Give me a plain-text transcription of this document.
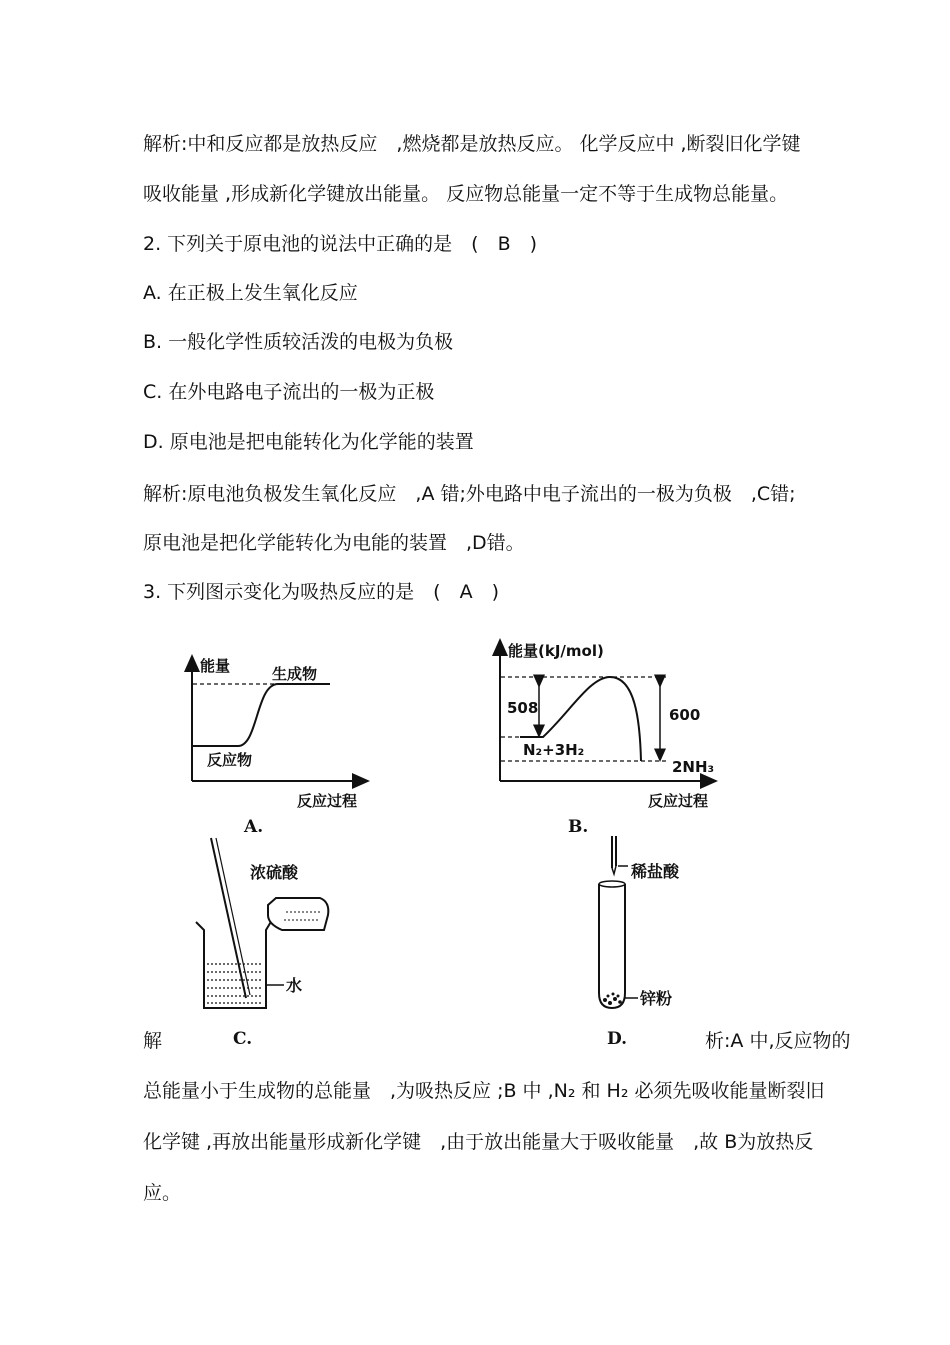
解析:中和反应都是放热反应　,燃烧都是放热反应。 化学反应中 ,断裂旧化学键
吸收能量 ,形成新化学键放出能量。 反应物总能量一定不等于生成物总能量。
2. 下列关于原电池的说法中正确的是　(　B　)
A. 在正极上发生氧化反应
B. 一般化学性质较活泼的电极为负极
C. 在外电路电子流出的一极为正极
D. 原电池是把电能转化为化学能的装置
解析:原电池负极发生氧化反应　,A 错;外电路中电子流出的一极为负极　,C错;
原电池是把化学能转化为电能的装置　,D错。
3. 下列图示变化为吸热反应的是　(　A　)
能量	生成物
反应物
反应过程
A.
能量(kJ/mol)
508	600
N₂+3H₂
2NH₃
反应过程
B.
浓硫酸
水
C.
稀盐酸
锌粉
D.
解	析:A 中,反应物的
总能量小于生成物的总能量　,为吸热反应 ;B 中 ,N₂ 和 H₂ 必须先吸收能量断裂旧
化学键 ,再放出能量形成新化学键　,由于放出能量大于吸收能量　,故 B为放热反
应。
